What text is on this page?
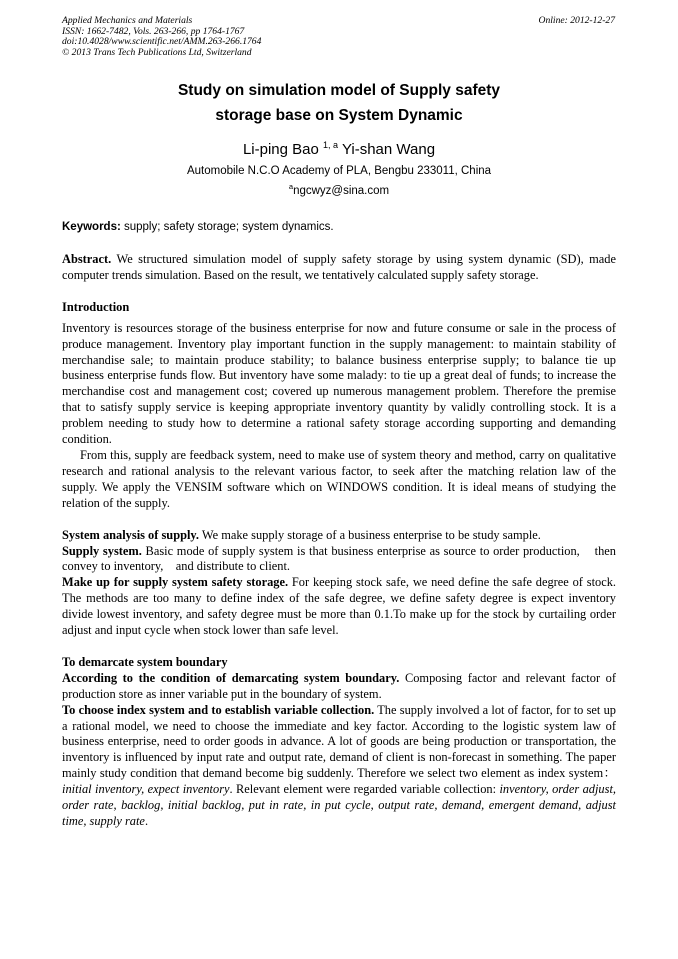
Applied Mechanics and Materials
ISSN: 1662-7482, Vols. 263-266, pp 1764-1767
doi:10.4028/www.scientific.net/AMM.263-266.1764
© 2013 Trans Tech Publications Ltd, Switzerland
Online: 2012-12-27
Study on simulation model of Supply safety
storage base on System Dynamic
Li-ping Bao $^{1, a}$ Yi-shan Wang
Automobile N.C.O Academy of PLA, Bengbu 233011, China
$^a$ngcwyz@sina.com
Keywords: supply; safety storage; system dynamics.

Abstract. We structured simulation model of supply safety storage by using system dynamic (SD), made computer trends simulation. Based on the result, we tentatively calculated supply safety storage.

Introduction

Inventory is resources storage of the business enterprise for now and future consume or sale in the process of produce management. Inventory play important function in the supply management: to maintain stability of merchandise sale; to maintain produce stability; to balance business enterprise supply; to balance tie up business enterprise funds flow. But inventory have some malady: to tie up a great deal of funds; to increase the merchandise cost and management cost; covered up numerous management problem. Therefore the premise that to satisfy supply service is keeping appropriate inventory quantity by validly controlling stock. It is a problem needing to study how to determine a rational safety storage according supporting and demanding condition.

From this, supply are feedback system, need to make use of system theory and method, carry on qualitative research and rational analysis to the relevant various factor, to seek after the matching relation law of the supply. We apply the VENSIM software which on WINDOWS condition. It is ideal means of studying the relation of the supply.

System analysis of supply. We make supply storage of a business enterprise to be study sample.

Supply system. Basic mode of supply system is that business enterprise as source to order production,    then convey to inventory,    and distribute to client.

Make up for supply system safety storage. For keeping stock safe, we need define the safe degree of stock. The methods are too many to define index of the safe degree, we define safety degree is expect inventory divide lowest inventory, and safety degree must be more than 0.1.To make up for the stock by curtailing order adjust and input cycle when stock lower than safe level.

To demarcate system boundary

According to the condition of demarcating system boundary. Composing factor and relevant factor of production store as inner variable put in the boundary of system.

To choose index system and to establish variable collection. The supply involved a lot of factor, for to set up a rational model, we need to choose the immediate and key factor. According to the logistic system law of business enterprise, need to order goods in advance. A lot of goods are being production or transportation, the inventory is influenced by input rate and output rate, demand of client is non-forecast in something. The paper mainly study condition that demand become big suddenly. Therefore we select two element as index system：initial inventory, expect inventory. Relevant element were regarded variable collection: inventory, order adjust, order rate, backlog, initial backlog, put in rate, in put cycle, output rate, demand, emergent demand, adjust time, supply rate.
